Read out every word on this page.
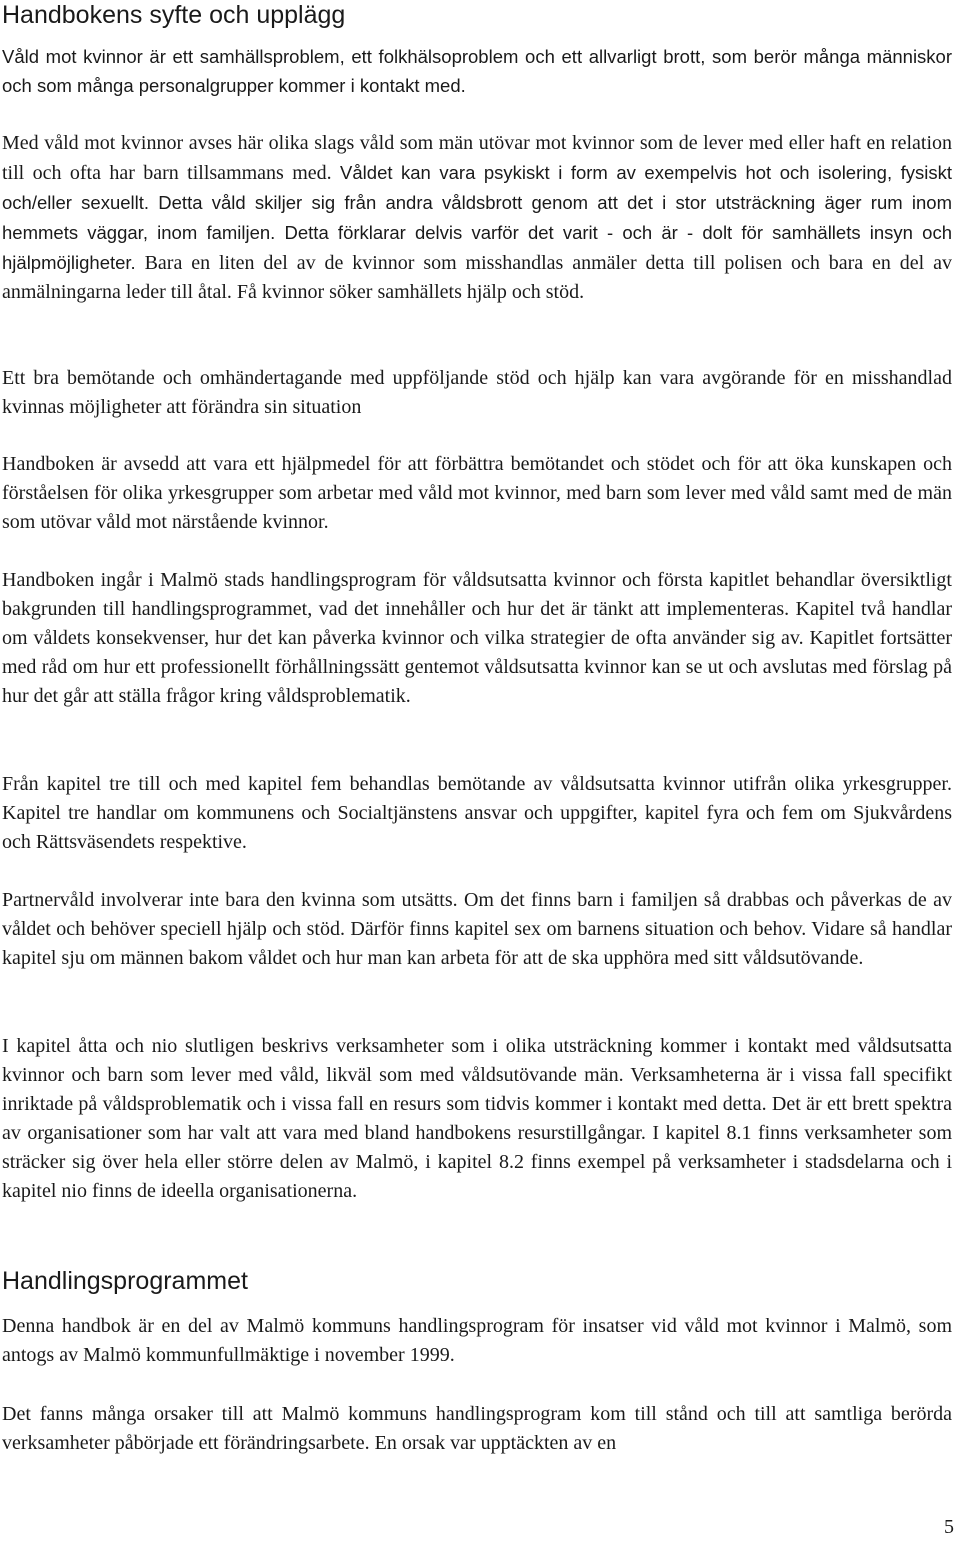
Handbokens syfte och upplägg

Våld mot kvinnor är ett samhällsproblem, ett folkhälsoproblem och ett allvarligt brott, som berör många människor och som många personalgrupper kommer i kontakt med.

Med våld mot kvinnor avses här olika slags våld som män utövar mot kvinnor som de lever med eller haft en relation till och ofta har barn tillsammans med. Våldet kan vara psykiskt i form av exempelvis hot och isolering, fysiskt och/eller sexuellt. Detta våld skiljer sig från andra våldsbrott genom att det i stor utsträckning äger rum inom hemmets väggar, inom familjen. Detta förklarar delvis varför det varit - och är - dolt för samhällets insyn och hjälpmöjligheter. Bara en liten del av de kvinnor som misshandlas anmäler detta till polisen och bara en del av anmälningarna leder till åtal. Få kvinnor söker samhällets hjälp och stöd.

Ett bra bemötande och omhändertagande med uppföljande stöd och hjälp kan vara avgörande för en misshandlad kvinnas möjligheter att förändra sin situation

Handboken är avsedd att vara ett hjälpmedel för att förbättra bemötandet och stödet och för att öka kunskapen och förståelsen för olika yrkesgrupper som arbetar med våld mot kvinnor, med barn som lever med våld samt med de män som utövar våld mot närstående kvinnor.

Handboken ingår i Malmö stads handlingsprogram för våldsutsatta kvinnor och första kapitlet behandlar översiktligt bakgrunden till handlingsprogrammet, vad det innehåller och hur det är tänkt att implementeras. Kapitel två handlar om våldets konsekvenser, hur det kan påverka kvinnor och vilka strategier de ofta använder sig av. Kapitlet fortsätter med råd om hur ett professionellt förhållningssätt gentemot våldsutsatta kvinnor kan se ut och avslutas med förslag på hur det går att ställa frågor kring våldsproblematik.

Från kapitel tre till och med kapitel fem behandlas bemötande av våldsutsatta kvinnor utifrån olika yrkesgrupper. Kapitel tre handlar om kommunens och Socialtjänstens ansvar och uppgifter, kapitel fyra och fem om Sjukvårdens och Rättsväsendets respektive.

Partnervåld involverar inte bara den kvinna som utsätts. Om det finns barn i familjen så drabbas och påverkas de av våldet och behöver speciell hjälp och stöd. Därför finns kapitel sex om barnens situation och behov. Vidare så handlar kapitel sju om männen bakom våldet och hur man kan arbeta för att de ska upphöra med sitt våldsutövande.

I kapitel åtta och nio slutligen beskrivs verksamheter som i olika utsträckning kommer i kontakt med våldsutsatta kvinnor och barn som lever med våld, likväl som med våldsutövande män. Verksamheterna är i vissa fall specifikt inriktade på våldsproblematik och i vissa fall en resurs som tidvis kommer i kontakt med detta. Det är ett brett spektra av organisationer som har valt att vara med bland handbokens resurstillgångar. I kapitel 8.1 finns verksamheter som sträcker sig över hela eller större delen av Malmö, i kapitel 8.2 finns exempel på verksamheter i stadsdelarna och i kapitel nio finns de ideella organisationerna.

Handlingsprogrammet

Denna handbok är en del av Malmö kommuns handlingsprogram för insatser vid våld mot kvinnor i Malmö, som antogs av Malmö kommunfullmäktige i november 1999.

Det fanns många orsaker till att Malmö kommuns handlingsprogram kom till stånd och till att samtliga berörda verksamheter påbörjade ett förändringsarbete. En orsak var upptäckten av en

5
